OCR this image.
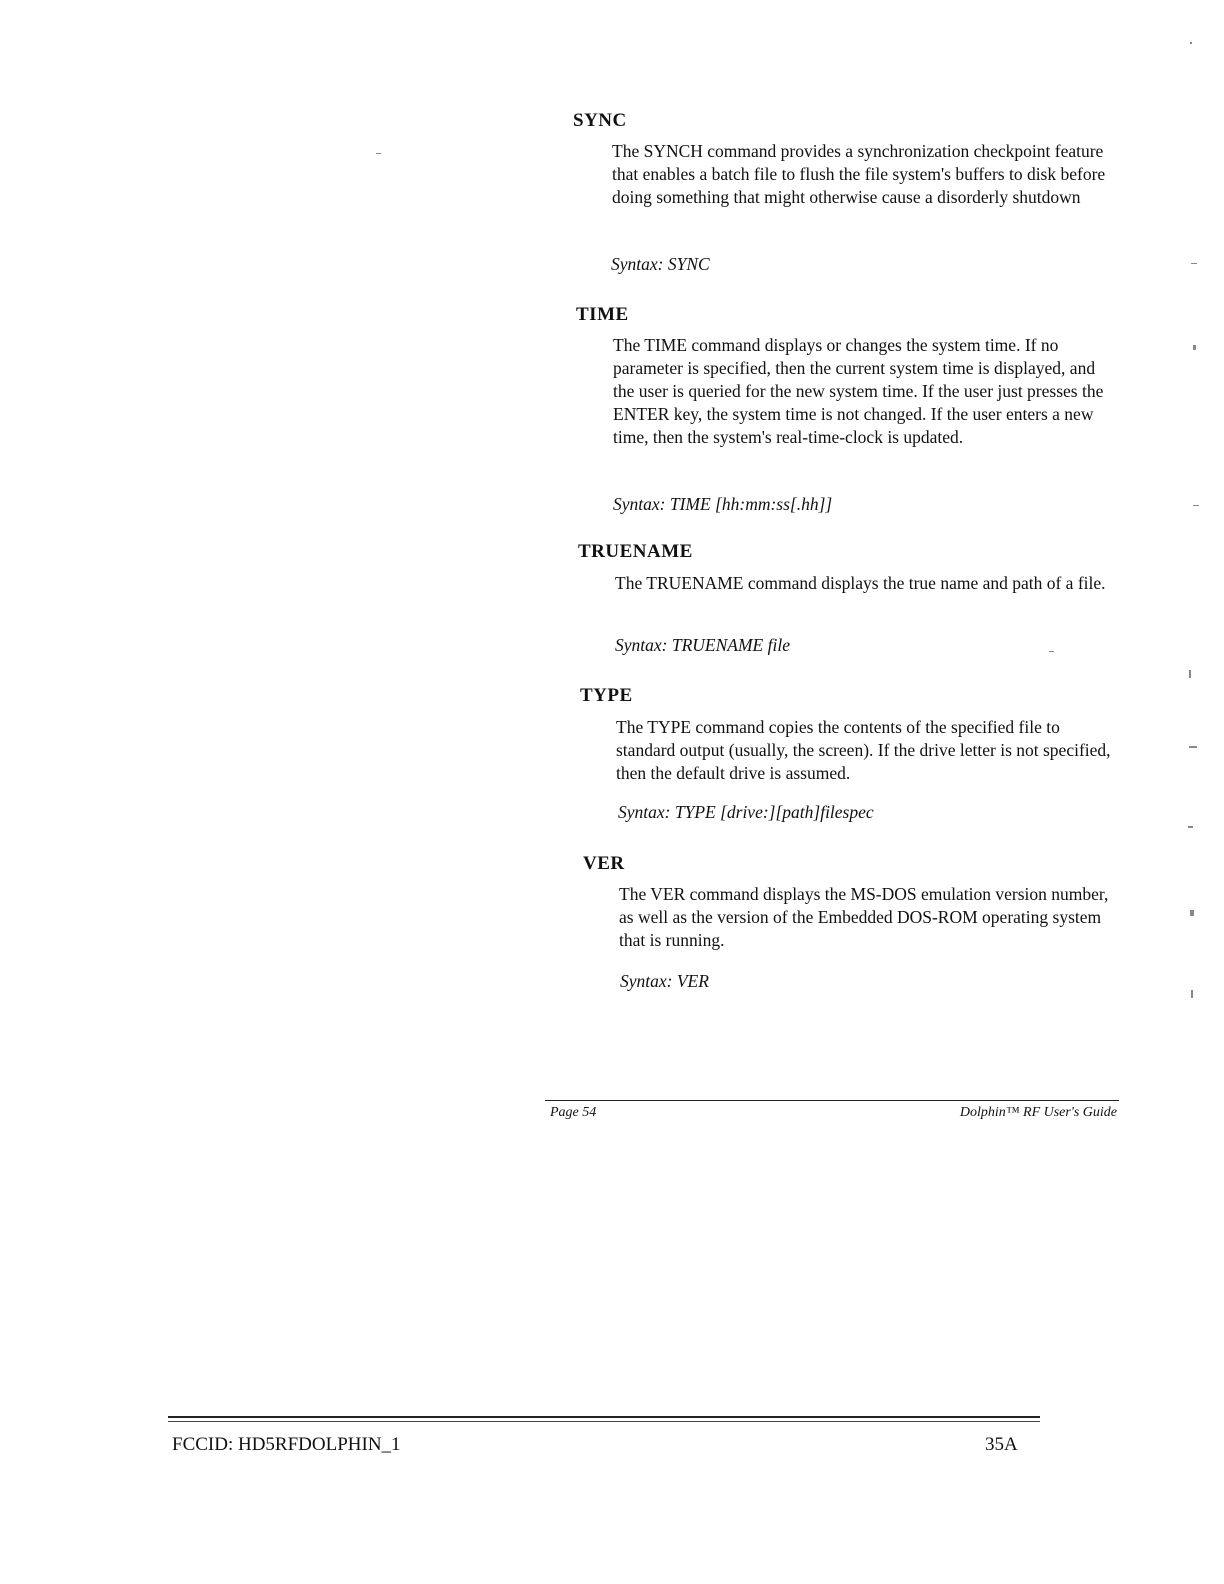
SYNC
The SYNCH command provides a synchronization checkpoint feature that enables a batch file to flush the file system's buffers to disk before doing something that might otherwise cause a disorderly shutdown
Syntax: SYNC
TIME
The TIME command displays or changes the system time. If no parameter is specified, then the current system time is displayed, and the user is queried for the new system time. If the user just presses the ENTER key, the system time is not changed. If the user enters a new time, then the system's real-time-clock is updated.
Syntax: TIME [hh:mm:ss[.hh]]
TRUENAME
The TRUENAME command displays the true name and path of a file.
Syntax: TRUENAME file
TYPE
The TYPE command copies the contents of the specified file to standard output (usually, the screen). If the drive letter is not specified, then the default drive is assumed.
Syntax: TYPE [drive:][path]filespec
VER
The VER command displays the MS-DOS emulation version number, as well as the version of the Embedded DOS-ROM operating system that is running.
Syntax: VER
Page 54	Dolphin™ RF User's Guide
FCCID: HD5RFDOLPHIN_1	35A
